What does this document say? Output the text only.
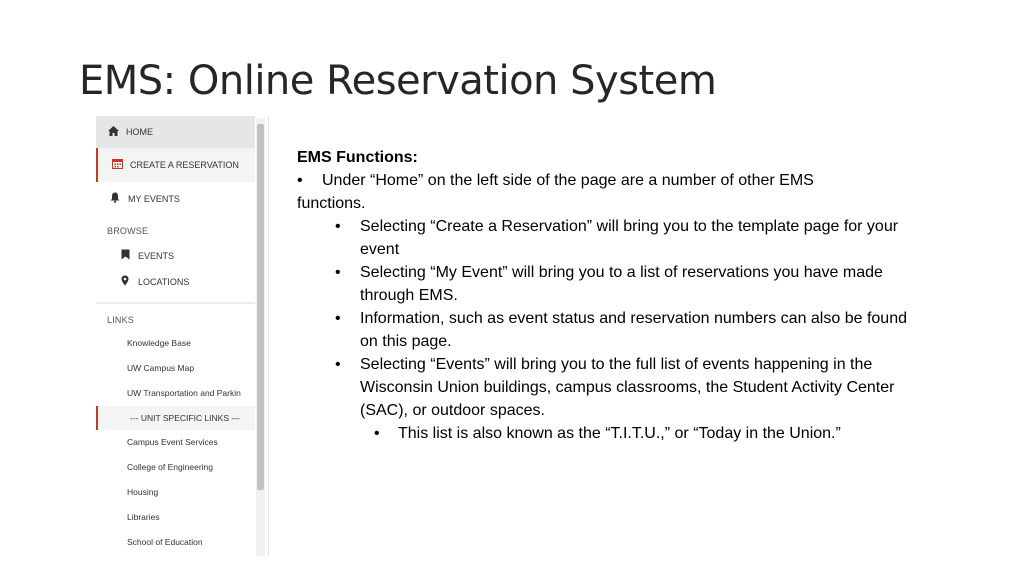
EMS: Online Reservation System
HOME
CREATE A RESERVATION
MY EVENTS
BROWSE
EVENTS
LOCATIONS
LINKS
Knowledge Base
UW Campus Map
UW Transportation and Parkin
--- UNIT SPECIFIC LINKS ---
Campus Event Services
College of Engineering
Housing
Libraries
School of Education
EMS Functions:
• Under “Home” on the left side of the page are a number of other EMS
functions.
• Selecting “Create a Reservation” will bring you to the template page for your
event
• Selecting “My Event” will bring you to a list of reservations you have made
through EMS.
• Information, such as event status and reservation numbers can also be found
on this page.
• Selecting “Events” will bring you to the full list of events happening in the
Wisconsin Union buildings, campus classrooms, the Student Activity Center
(SAC), or outdoor spaces.
• This list is also known as the “T.I.T.U.,” or “Today in the Union.”
